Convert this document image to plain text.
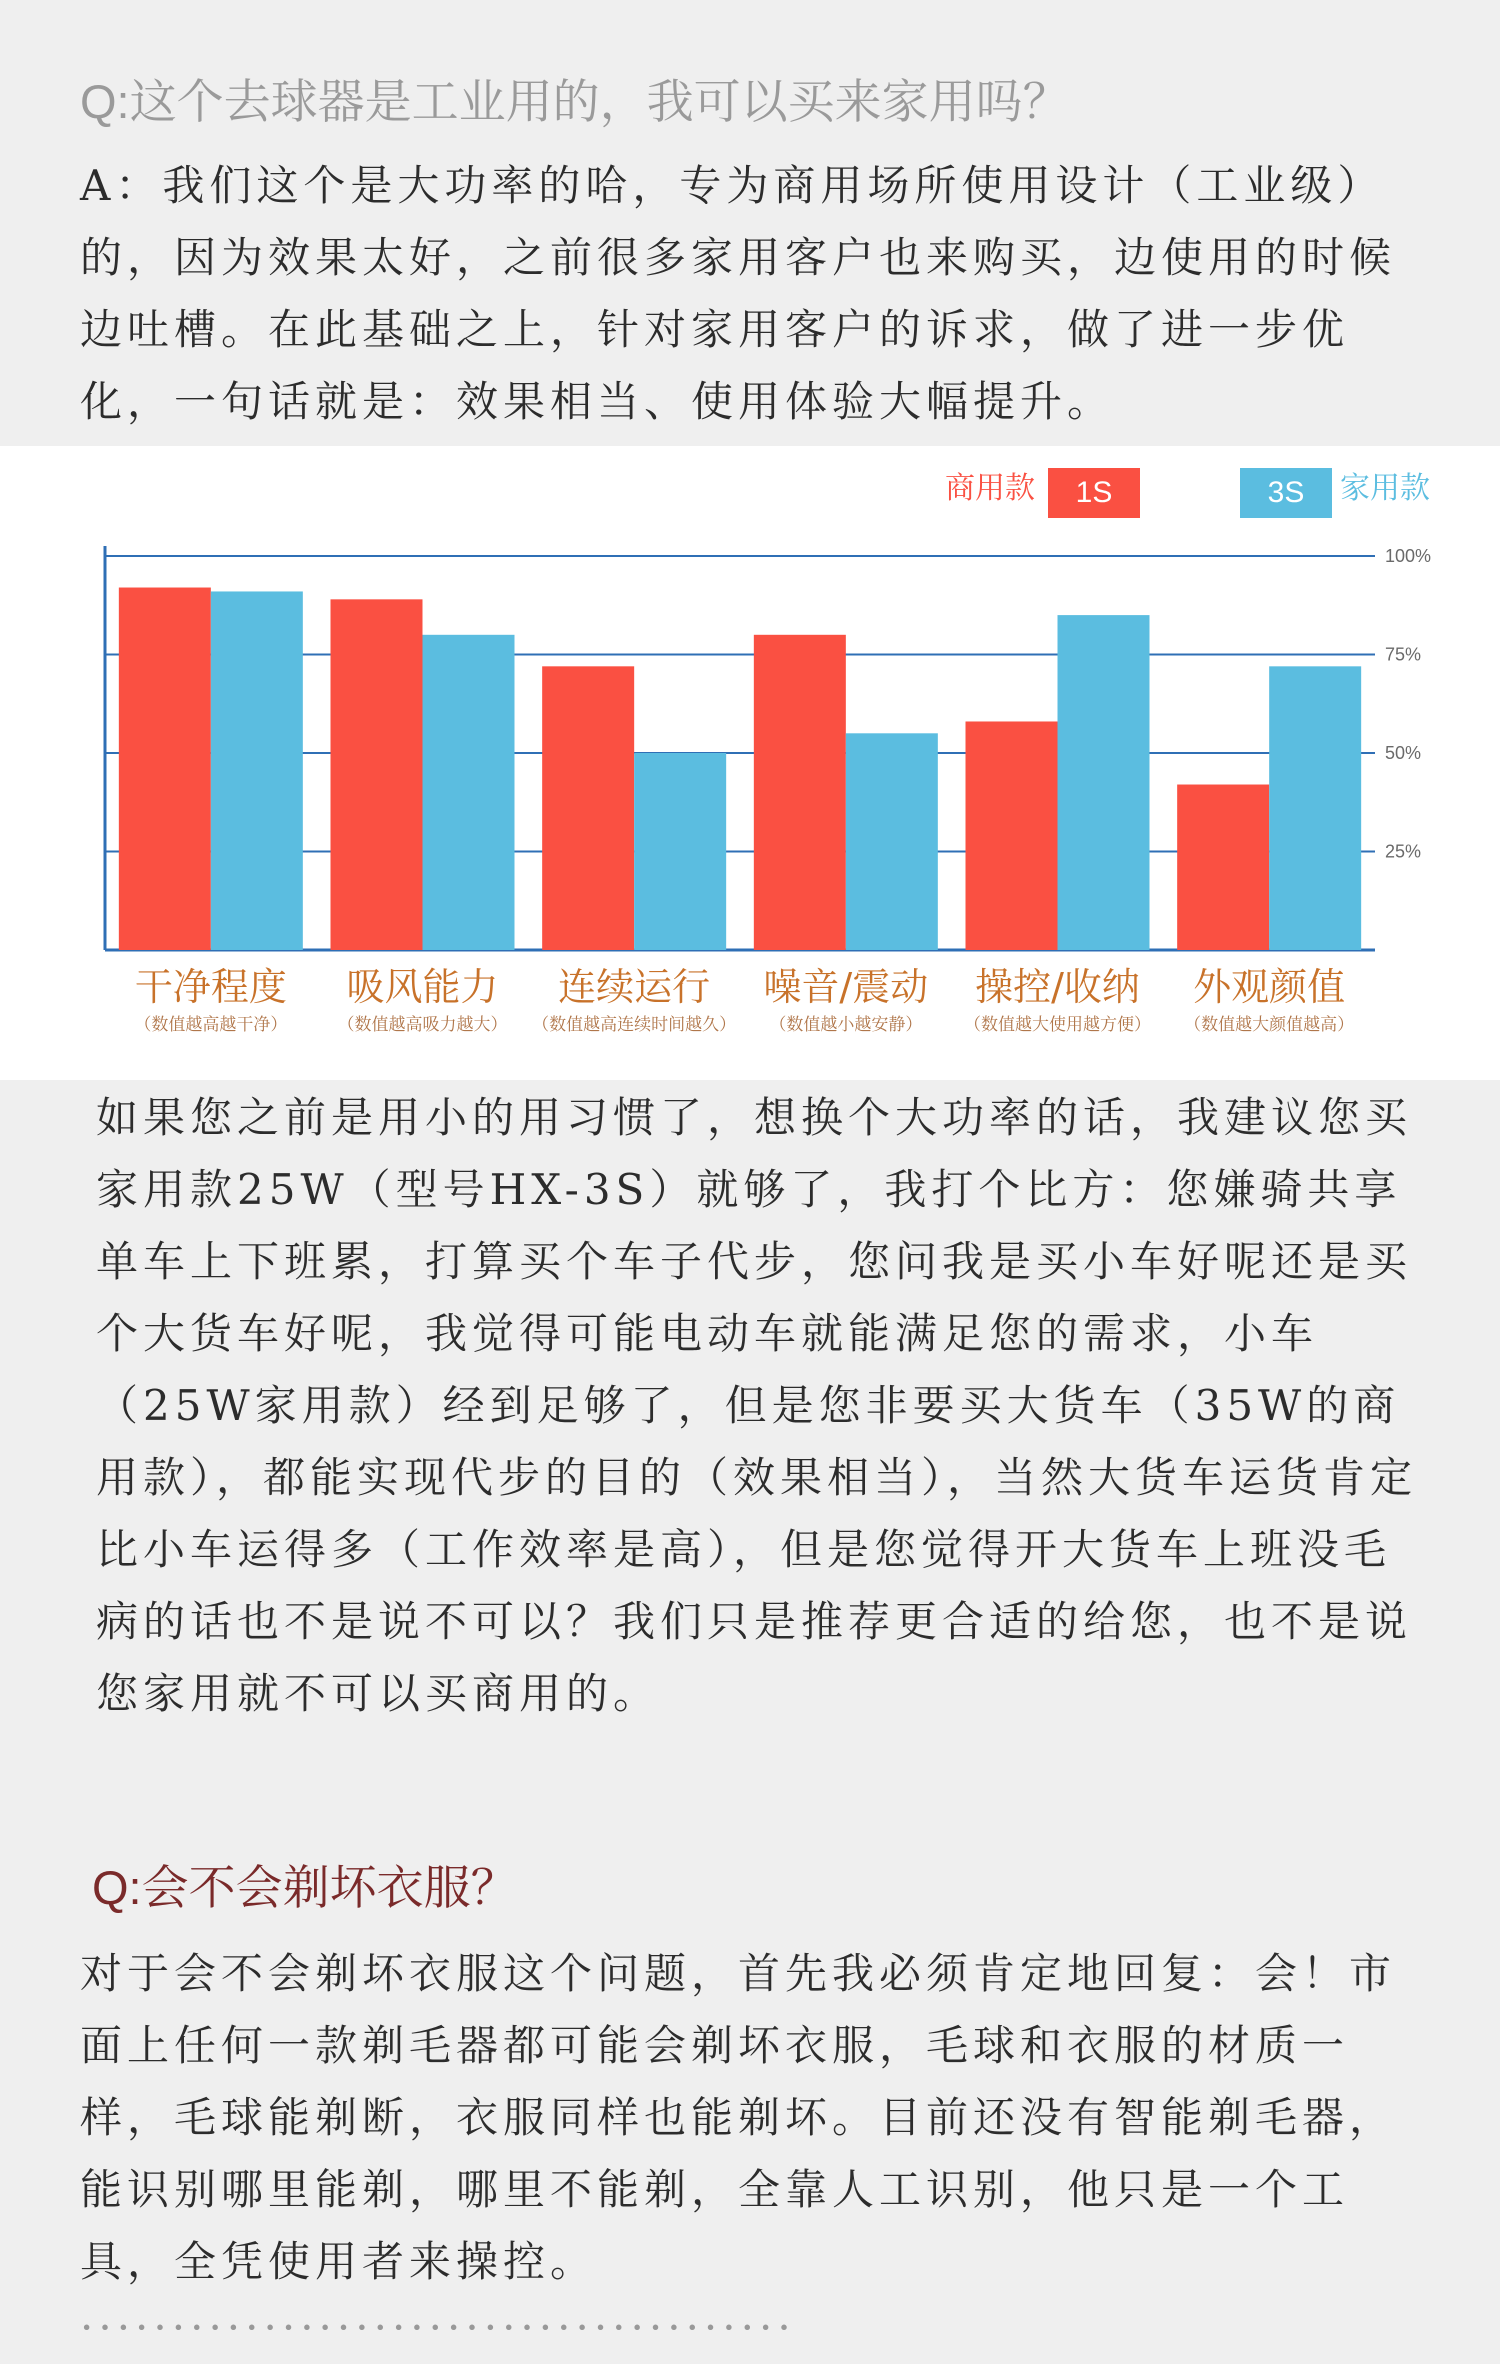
Q:这个去球器是工业用的，我可以买来家用吗？

A：我们这个是大功率的哈，专为商用场所使用设计（工业级）的，因为效果太好，之前很多家用客户也来购买，边使用的时候边吐槽。在此基础之上，针对家用客户的诉求，做了进一步优化，一句话就是：效果相当、使用体验大幅提升。

25%
50%
75%
100%
干净程度
（数值越高越干净）
吸风能力
（数值越高吸力越大）
连续运行
（数值越高连续时间越久）
噪音/震动
（数值越小越安静）
操控/收纳
（数值越大使用越方便）
外观颜值
（数值越大颜值越高）
商用款 1S	3S 家用款

如果您之前是用小的用习惯了，想换个大功率的话，我建议您买家用款25W（型号HX-3S）就够了，我打个比方：您嫌骑共享单车上下班累，打算买个车子代步，您问我是买小车好呢还是买个大货车好呢，我觉得可能电动车就能满足您的需求，小车（25W家用款）经到足够了，但是您非要买大货车（35W的商用款），都能实现代步的目的（效果相当），当然大货车运货肯定比小车运得多（工作效率是高），但是您觉得开大货车上班没毛病的话也不是说不可以？我们只是推荐更合适的给您，也不是说您家用就不可以买商用的。

Q:会不会剃坏衣服？

对于会不会剃坏衣服这个问题，首先我必须肯定地回复：会！市面上任何一款剃毛器都可能会剃坏衣服，毛球和衣服的材质一样，毛球能剃断，衣服同样也能剃坏。目前还没有智能剃毛器，能识别哪里能剃，哪里不能剃，全靠人工识别，他只是一个工具，全凭使用者来操控。

·······································
